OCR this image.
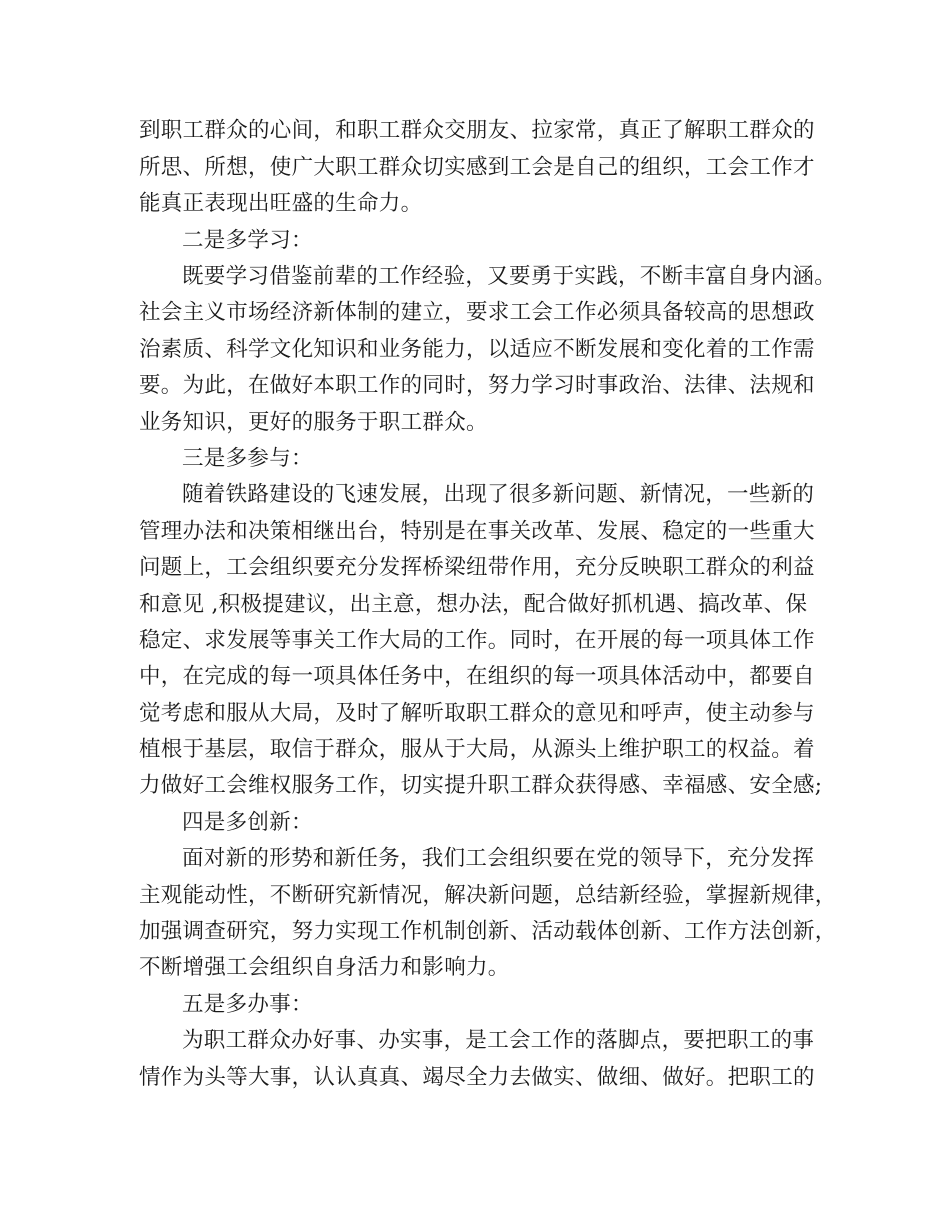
到职工群众的心间，和职工群众交朋友、拉家常，真正了解职工群众的
所思、所想，使广大职工群众切实感到工会是自己的组织，工会工作才
能真正表现出旺盛的生命力。
二是多学习：
既要学习借鉴前辈的工作经验，又要勇于实践，不断丰富自身内涵。
社会主义市场经济新体制的建立，要求工会工作必须具备较高的思想政
治素质、科学文化知识和业务能力，以适应不断发展和变化着的工作需
要。为此，在做好本职工作的同时，努力学习时事政治、法律、法规和
业务知识，更好的服务于职工群众。
三是多参与：
随着铁路建设的飞速发展，出现了很多新问题、新情况，一些新的
管理办法和决策相继出台，特别是在事关改革、发展、稳定的一些重大
问题上，工会组织要充分发挥桥梁纽带作用，充分反映职工群众的利益
和意见 ,积极提建议，出主意，想办法，配合做好抓机遇、搞改革、保
稳定、求发展等事关工作大局的工作。同时，在开展的每一项具体工作
中，在完成的每一项具体任务中，在组织的每一项具体活动中，都要自
觉考虑和服从大局，及时了解听取职工群众的意见和呼声，使主动参与
植根于基层，取信于群众，服从于大局，从源头上维护职工的权益。着
力做好工会维权服务工作，切实提升职工群众获得感、幸福感、安全感;
四是多创新：
面对新的形势和新任务，我们工会组织要在党的领导下，充分发挥
主观能动性，不断研究新情况，解决新问题，总结新经验，掌握新规律，
加强调查研究，努力实现工作机制创新、活动载体创新、工作方法创新，
不断增强工会组织自身活力和影响力。
五是多办事：
为职工群众办好事、办实事，是工会工作的落脚点，要把职工的事
情作为头等大事，认认真真、竭尽全力去做实、做细、做好。把职工的
